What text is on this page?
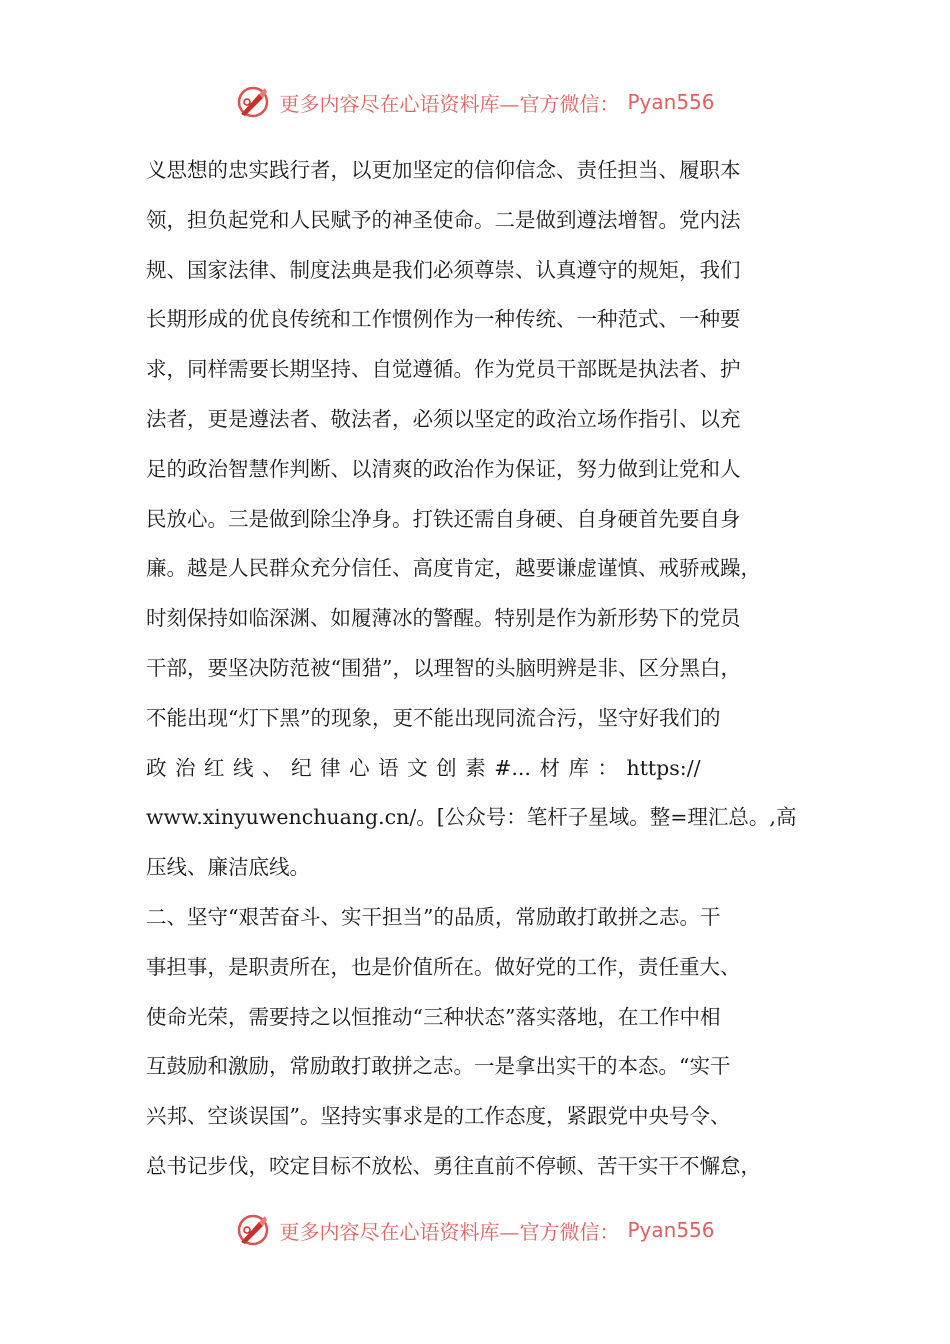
更多内容尽在心语资料库—官方微信： Pyan556
义思想的忠实践行者，以更加坚定的信仰信念、责任担当、履职本
领，担负起党和人民赋予的神圣使命。二是做到遵法增智。党内法
规、国家法律、制度法典是我们必须尊崇、认真遵守的规矩，我们
长期形成的优良传统和工作惯例作为一种传统、一种范式、一种要
求，同样需要长期坚持、自觉遵循。作为党员干部既是执法者、护
法者，更是遵法者、敬法者，必须以坚定的政治立场作指引、以充
足的政治智慧作判断、以清爽的政治作为保证，努力做到让党和人
民放心。三是做到除尘净身。打铁还需自身硬、自身硬首先要自身
廉。越是人民群众充分信任、高度肯定，越要谦虚谨慎、戒骄戒躁，
时刻保持如临深渊、如履薄冰的警醒。特别是作为新形势下的党员
干部，要坚决防范被“围猎”，以理智的头脑明辨是非、区分黑白，
不能出现“灯下黑”的现象，更不能出现同流合污，坚守好我们的
政 治 红 线 、 纪 律 心 语 文 创 素 #... 材 库 ： https://
www.xinyuwenchuang.cn/。[公众号：笔杆子星域。整=理汇总。,高
压线、廉洁底线。
二、坚守“艰苦奋斗、实干担当”的品质，常励敢打敢拼之志。干
事担事，是职责所在，也是价值所在。做好党的工作，责任重大、
使命光荣，需要持之以恒推动“三种状态”落实落地，在工作中相
互鼓励和激励，常励敢打敢拼之志。一是拿出实干的本态。“实干
兴邦、空谈误国”。坚持实事求是的工作态度，紧跟党中央号令、
总书记步伐，咬定目标不放松、勇往直前不停顿、苦干实干不懈怠，
更多内容尽在心语资料库—官方微信： Pyan556
